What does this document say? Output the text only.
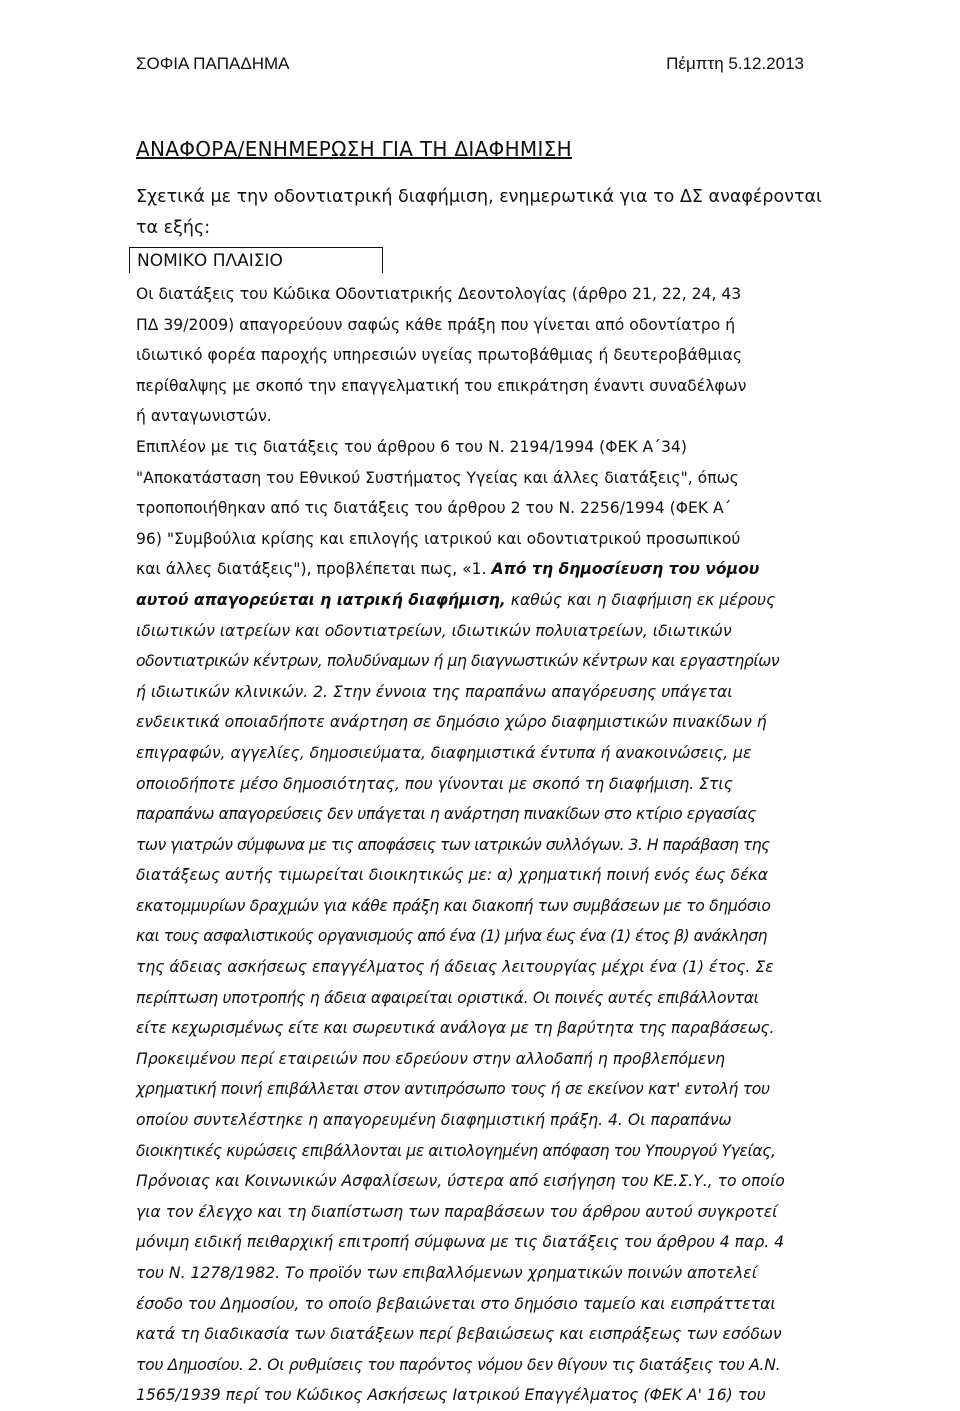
ΣΟΦΙΑ ΠΑΠΑΔΗΜΑ	Πέμπτη 5.12.2013
ΑΝΑΦΟΡΑ/ΕΝΗΜΕΡΩΣΗ ΓΙΑ ΤΗ ΔΙΑΦΗΜΙΣΗ
Σχετικά με την οδοντιατρική διαφήμιση, ενημερωτικά για το ΔΣ αναφέρονται
τα εξής:
ΝΟΜΙΚΟ ΠΛΑΙΣΙΟ
Οι διατάξεις του Κώδικα Οδοντιατρικής Δεοντολογίας (άρθρο 21, 22, 24, 43
ΠΔ 39/2009) απαγορεύουν σαφώς κάθε πράξη που γίνεται από οδοντίατρο ή
ιδιωτικό φορέα παροχής υπηρεσιών υγείας πρωτοβάθμιας ή δευτεροβάθμιας
περίθαλψης με σκοπό την επαγγελματική του επικράτηση έναντι συναδέλφων
ή ανταγωνιστών.
Επιπλέον με τις διατάξεις του άρθρου 6 του Ν. 2194/1994 (ΦΕΚ Α΄34)
"Αποκατάσταση του Εθνικού Συστήματος Υγείας και άλλες διατάξεις", όπως
τροποποιήθηκαν από τις διατάξεις του άρθρου 2 του Ν. 2256/1994 (ΦΕΚ Α΄
96) "Συμβούλια κρίσης και επιλογής ιατρικού και οδοντιατρικού προσωπικού
και άλλες διατάξεις"), προβλέπεται πως, «1. Από τη δημοσίευση του νόμου
αυτού απαγορεύεται η ιατρική διαφήμιση, καθώς και η διαφήμιση εκ μέρους
ιδιωτικών ιατρείων και οδοντιατρείων, ιδιωτικών πολυιατρείων, ιδιωτικών
οδοντιατρικών κέντρων, πολυδύναμων ή μη διαγνωστικών κέντρων και εργαστηρίων
ή ιδιωτικών κλινικών. 2. Στην έννοια της παραπάνω απαγόρευσης υπάγεται
ενδεικτικά οποιαδήποτε ανάρτηση σε δημόσιο χώρο διαφημιστικών πινακίδων ή
επιγραφών, αγγελίες, δημοσιεύματα, διαφημιστικά έντυπα ή ανακοινώσεις, με
οποιοδήποτε μέσο δημοσιότητας, που γίνονται με σκοπό τη διαφήμιση. Στις
παραπάνω απαγορεύσεις δεν υπάγεται η ανάρτηση πινακίδων στο κτίριο εργασίας
των γιατρών σύμφωνα με τις αποφάσεις των ιατρικών συλλόγων. 3. Η παράβαση της
διατάξεως αυτής τιμωρείται διοικητικώς με: α) χρηματική ποινή ενός έως δέκα
εκατομμυρίων δραχμών για κάθε πράξη και διακοπή των συμβάσεων με το δημόσιο
και τους ασφαλιστικούς οργανισμούς από ένα (1) μήνα έως ένα (1) έτος β) ανάκληση
της άδειας ασκήσεως επαγγέλματος ή άδειας λειτουργίας μέχρι ένα (1) έτος. Σε
περίπτωση υποτροπής η άδεια αφαιρείται οριστικά. Οι ποινές αυτές επιβάλλονται
είτε κεχωρισμένως είτε και σωρευτικά ανάλογα με τη βαρύτητα της παραβάσεως.
Προκειμένου περί εταιρειών που εδρεύουν στην αλλοδαπή η προβλεπόμενη
χρηματική ποινή επιβάλλεται στον αντιπρόσωπο τους ή σε εκείνον κατ' εντολή του
οποίου συντελέστηκε η απαγορευμένη διαφημιστική πράξη. 4. Οι παραπάνω
διοικητικές κυρώσεις επιβάλλονται με αιτιολογημένη απόφαση του Υπουργού Υγείας,
Πρόνοιας και Κοινωνικών Ασφαλίσεων, ύστερα από εισήγηση του ΚΕ.Σ.Υ., το οποίο
για τον έλεγχο και τη διαπίστωση των παραβάσεων του άρθρου αυτού συγκροτεί
μόνιμη ειδική πειθαρχική επιτροπή σύμφωνα με τις διατάξεις του άρθρου 4 παρ. 4
του Ν. 1278/1982. Το προϊόν των επιβαλλόμενων χρηματικών ποινών αποτελεί
έσοδο του Δημοσίου, το οποίο βεβαιώνεται στο δημόσιο ταμείο και εισπράττεται
κατά τη διαδικασία των διατάξεων περί βεβαιώσεως και εισπράξεως των εσόδων
του Δημοσίου. 2. Οι ρυθμίσεις του παρόντος νόμου δεν θίγουν τις διατάξεις του Α.Ν.
1565/1939 περί του Κώδικος Ασκήσεως Ιατρικού Επαγγέλματος (ΦΕΚ Α' 16) του
